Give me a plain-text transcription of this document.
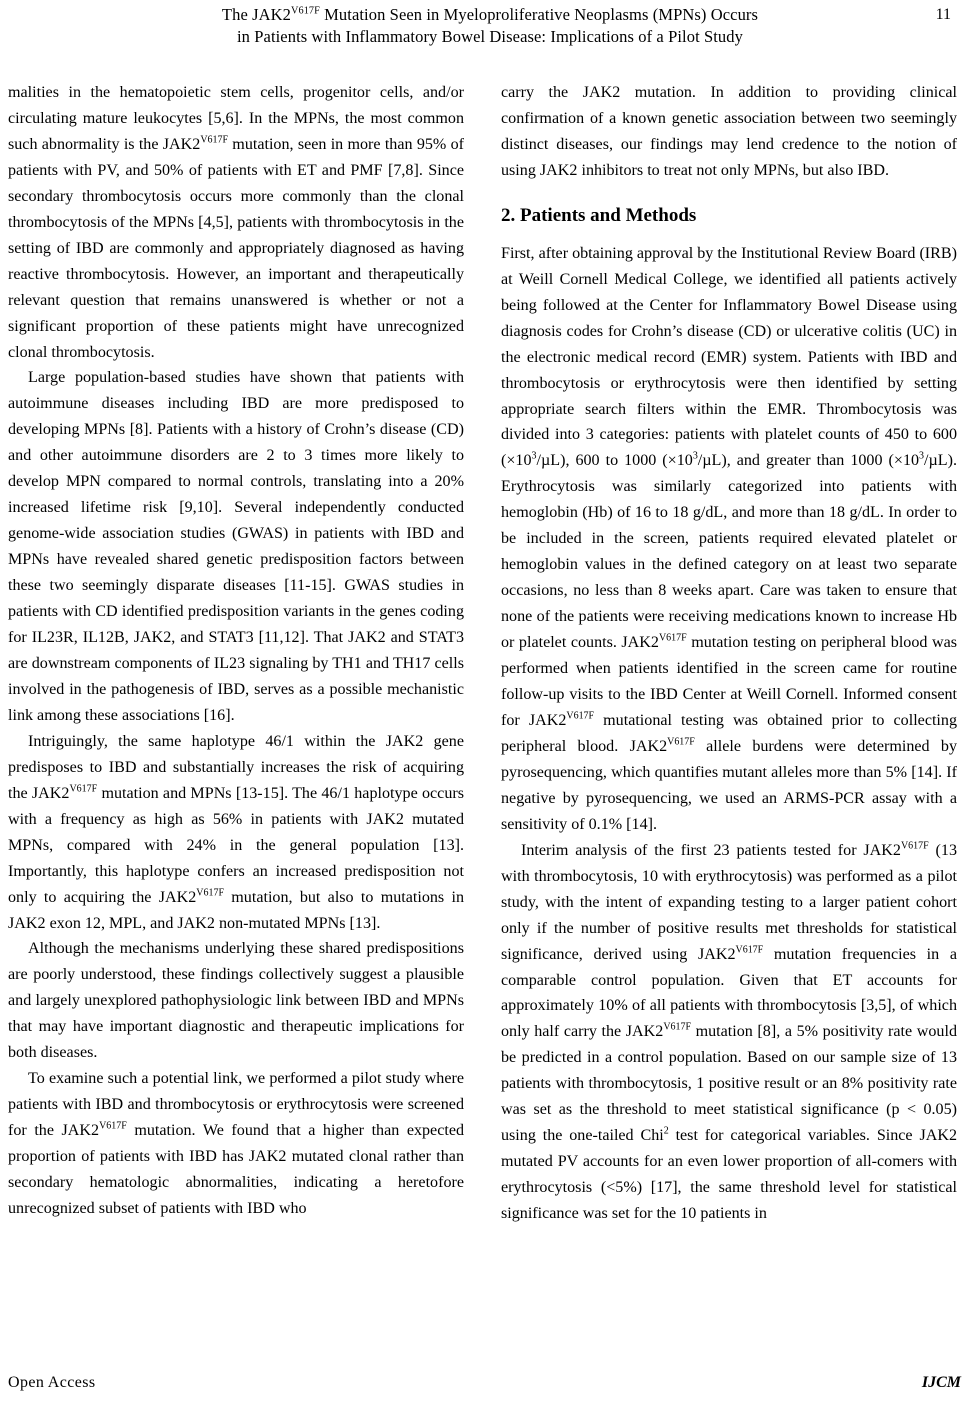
The $JAK2^{V617F}$ Mutation Seen in Myeloproliferative Neoplasms (MPNs) Occurs
in Patients with Inflammatory Bowel Disease: Implications of a Pilot Study
11

malities in the hematopoietic stem cells, progenitor cells, and/or circulating mature leukocytes [5,6]. In the MPNs, the most common such abnormality is the $JAK2^{V617F}$ mutation, seen in more than 95% of patients with PV, and 50% of patients with ET and PMF [7,8]. Since secondary thrombocytosis occurs more commonly than the clonal thrombocytosis of the MPNs [4,5], patients with thrombocytosis in the setting of IBD are commonly and appropriately diagnosed as having reactive thrombocytosis. However, an important and therapeutically relevant question that remains unanswered is whether or not a significant proportion of these patients might have unrecognized clonal thrombocytosis.

Large population-based studies have shown that patients with autoimmune diseases including IBD are more predisposed to developing MPNs [8]. Patients with a history of Crohn’s disease (CD) and other autoimmune disorders are 2 to 3 times more likely to develop MPN compared to normal controls, translating into a 20% increased lifetime risk [9,10]. Several independently conducted genome-wide association studies (GWAS) in patients with IBD and MPNs have revealed shared genetic predisposition factors between these two seemingly disparate diseases [11-15]. GWAS studies in patients with CD identified predisposition variants in the genes coding for IL23R, IL12B, JAK2, and STAT3 [11,12]. That JAK2 and STAT3 are downstream components of IL23 signaling by TH1 and TH17 cells involved in the pathogenesis of IBD, serves as a possible mechanistic link among these associations [16].

Intriguingly, the same haplotype 46/1 within the JAK2 gene predisposes to IBD and substantially increases the risk of acquiring the $JAK2^{V617F}$ mutation and MPNs [13-15]. The 46/1 haplotype occurs with a frequency as high as 56% in patients with JAK2 mutated MPNs, compared with 24% in the general population [13]. Importantly, this haplotype confers an increased predisposition not only to acquiring the $JAK2^{V617F}$ mutation, but also to mutations in JAK2 exon 12, MPL, and JAK2 non-mutated MPNs [13].

Although the mechanisms underlying these shared predispositions are poorly understood, these findings collectively suggest a plausible and largely unexplored pathophysiologic link between IBD and MPNs that may have important diagnostic and therapeutic implications for both diseases.

To examine such a potential link, we performed a pilot study where patients with IBD and thrombocytosis or erythrocytosis were screened for the $JAK2^{V617F}$ mutation. We found that a higher than expected proportion of patients with IBD has JAK2 mutated clonal rather than secondary hematologic abnormalities, indicating a heretofore unrecognized subset of patients with IBD who

carry the JAK2 mutation. In addition to providing clinical confirmation of a known genetic association between two seemingly distinct diseases, our findings may lend credence to the notion of using JAK2 inhibitors to treat not only MPNs, but also IBD.

2. Patients and Methods

First, after obtaining approval by the Institutional Review Board (IRB) at Weill Cornell Medical College, we identified all patients actively being followed at the Center for Inflammatory Bowel Disease using diagnosis codes for Crohn’s disease (CD) or ulcerative colitis (UC) in the electronic medical record (EMR) system. Patients with IBD and thrombocytosis or erythrocytosis were then identified by setting appropriate search filters within the EMR. Thrombocytosis was divided into 3 categories: patients with platelet counts of 450 to 600 $(\times 10^3/\mu L)$, 600 to 1000 $(\times 10^3/\mu L)$, and greater than 1000 $(\times 10^3/\mu L)$. Erythrocytosis was similarly categorized into patients with hemoglobin (Hb) of 16 to 18 g/dL, and more than 18 g/dL. In order to be included in the screen, patients required elevated platelet or hemoglobin values in the defined category on at least two separate occasions, no less than 8 weeks apart. Care was taken to ensure that none of the patients were receiving medications known to increase Hb or platelet counts. $JAK2^{V617F}$ mutation testing on peripheral blood was performed when patients identified in the screen came for routine follow-up visits to the IBD Center at Weill Cornell. Informed consent for $JAK2^{V617F}$ mutational testing was obtained prior to collecting peripheral blood. $JAK2^{V617F}$ allele burdens were determined by pyrosequencing, which quantifies mutant alleles more than 5% [14]. If negative by pyrosequencing, we used an ARMS-PCR assay with a sensitivity of 0.1% [14].

Interim analysis of the first 23 patients tested for $JAK2^{V617F}$ (13 with thrombocytosis, 10 with erythrocytosis) was performed as a pilot study, with the intent of expanding testing to a larger patient cohort only if the number of positive results met thresholds for statistical significance, derived using $JAK2^{V617F}$ mutation frequencies in a comparable control population. Given that ET accounts for approximately 10% of all patients with thrombocytosis [3,5], of which only half carry the $JAK2^{V617F}$ mutation [8], a 5% positivity rate would be predicted in a control population. Based on our sample size of 13 patients with thrombocytosis, 1 positive result or an 8% positivity rate was set as the threshold to meet statistical significance (p < 0.05) using the one-tailed Chi$^2$ test for categorical variables. Since JAK2 mutated PV accounts for an even lower proportion of all-comers with erythrocytosis (<5%) [17], the same threshold level for statistical significance was set for the 10 patients in

Open Access	IJCM
